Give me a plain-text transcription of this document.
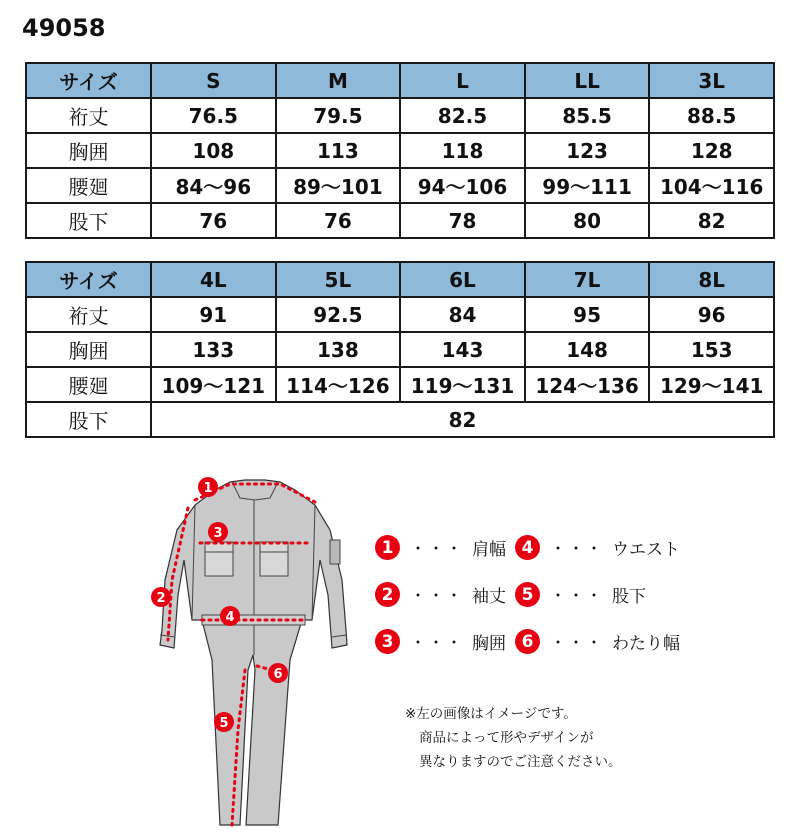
49058
サイズ	S	M	L	LL	3L
裄丈	76.5	79.5	82.5	85.5	88.5
胸囲	108	113	118	123	128
腰廻	84〜96	89〜101	94〜106	99〜111	104〜116
股下	76	76	78	80	82
サイズ	4L	5L	6L	7L	8L
裄丈	91	92.5	84	95	96
胸囲	133	138	143	148	153
腰廻	109〜121	114〜126	119〜131	124〜136	129〜141
股下	82				
1
2
3
4
5
6
1	・・・ 肩幅
2	・・・ 袖丈
3	・・・ 胸囲
4	・・・ ウエスト
5	・・・ 股下
6	・・・ わたり幅
※左の画像はイメージです。
商品によって形やデザインが
異なりますのでご注意ください。
